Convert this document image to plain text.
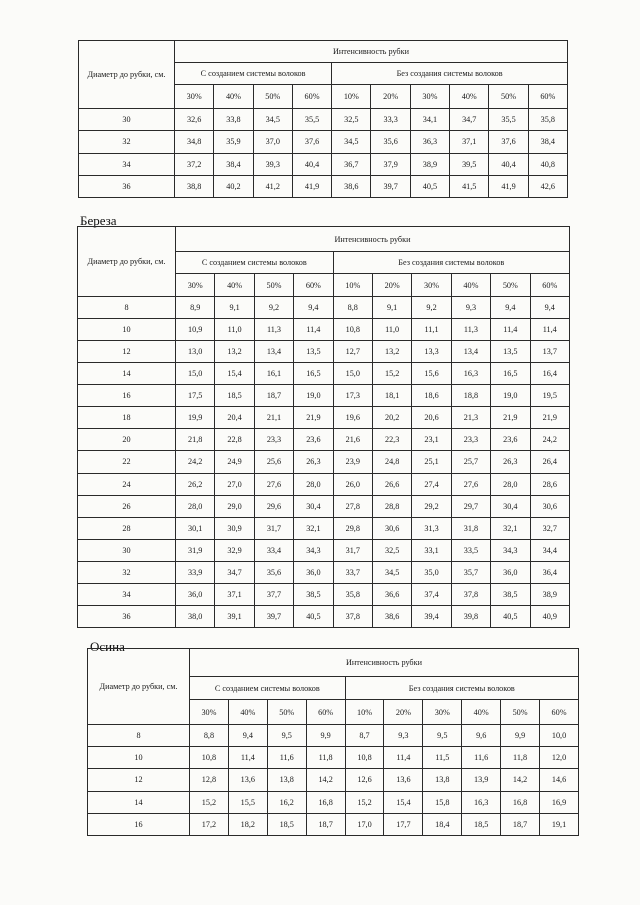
Береза
Осина
Диаметр до рубки, см.	Интенсивность рубки									
	С созданием системы волоков				Без создания системы волоков					
	30%	40%	50%	60%	10%	20%	30%	40%	50%	60%
30	32,6	33,8	34,5	35,5	32,5	33,3	34,1	34,7	35,5	35,8
32	34,8	35,9	37,0	37,6	34,5	35,6	36,3	37,1	37,6	38,4
34	37,2	38,4	39,3	40,4	36,7	37,9	38,9	39,5	40,4	40,8
36	38,8	40,2	41,2	41,9	38,6	39,7	40,5	41,5	41,9	42,6
Диаметр до рубки, см.	Интенсивность рубки									
	С созданием системы волоков				Без создания системы волоков					
	30%	40%	50%	60%	10%	20%	30%	40%	50%	60%
8	8,9	9,1	9,2	9,4	8,8	9,1	9,2	9,3	9,4	9,4
10	10,9	11,0	11,3	11,4	10,8	11,0	11,1	11,3	11,4	11,4
12	13,0	13,2	13,4	13,5	12,7	13,2	13,3	13,4	13,5	13,7
14	15,0	15,4	16,1	16,5	15,0	15,2	15,6	16,3	16,5	16,4
16	17,5	18,5	18,7	19,0	17,3	18,1	18,6	18,8	19,0	19,5
18	19,9	20,4	21,1	21,9	19,6	20,2	20,6	21,3	21,9	21,9
20	21,8	22,8	23,3	23,6	21,6	22,3	23,1	23,3	23,6	24,2
22	24,2	24,9	25,6	26,3	23,9	24,8	25,1	25,7	26,3	26,4
24	26,2	27,0	27,6	28,0	26,0	26,6	27,4	27,6	28,0	28,6
26	28,0	29,0	29,6	30,4	27,8	28,8	29,2	29,7	30,4	30,6
28	30,1	30,9	31,7	32,1	29,8	30,6	31,3	31,8	32,1	32,7
30	31,9	32,9	33,4	34,3	31,7	32,5	33,1	33,5	34,3	34,4
32	33,9	34,7	35,6	36,0	33,7	34,5	35,0	35,7	36,0	36,4
34	36,0	37,1	37,7	38,5	35,8	36,6	37,4	37,8	38,5	38,9
36	38,0	39,1	39,7	40,5	37,8	38,6	39,4	39,8	40,5	40,9
Диаметр до рубки, см.	Интенсивность рубки									
	С созданием системы волоков				Без создания системы волоков					
	30%	40%	50%	60%	10%	20%	30%	40%	50%	60%
8	8,8	9,4	9,5	9,9	8,7	9,3	9,5	9,6	9,9	10,0
10	10,8	11,4	11,6	11,8	10,8	11,4	11,5	11,6	11,8	12,0
12	12,8	13,6	13,8	14,2	12,6	13,6	13,8	13,9	14,2	14,6
14	15,2	15,5	16,2	16,8	15,2	15,4	15,8	16,3	16,8	16,9
16	17,2	18,2	18,5	18,7	17,0	17,7	18,4	18,5	18,7	19,1
